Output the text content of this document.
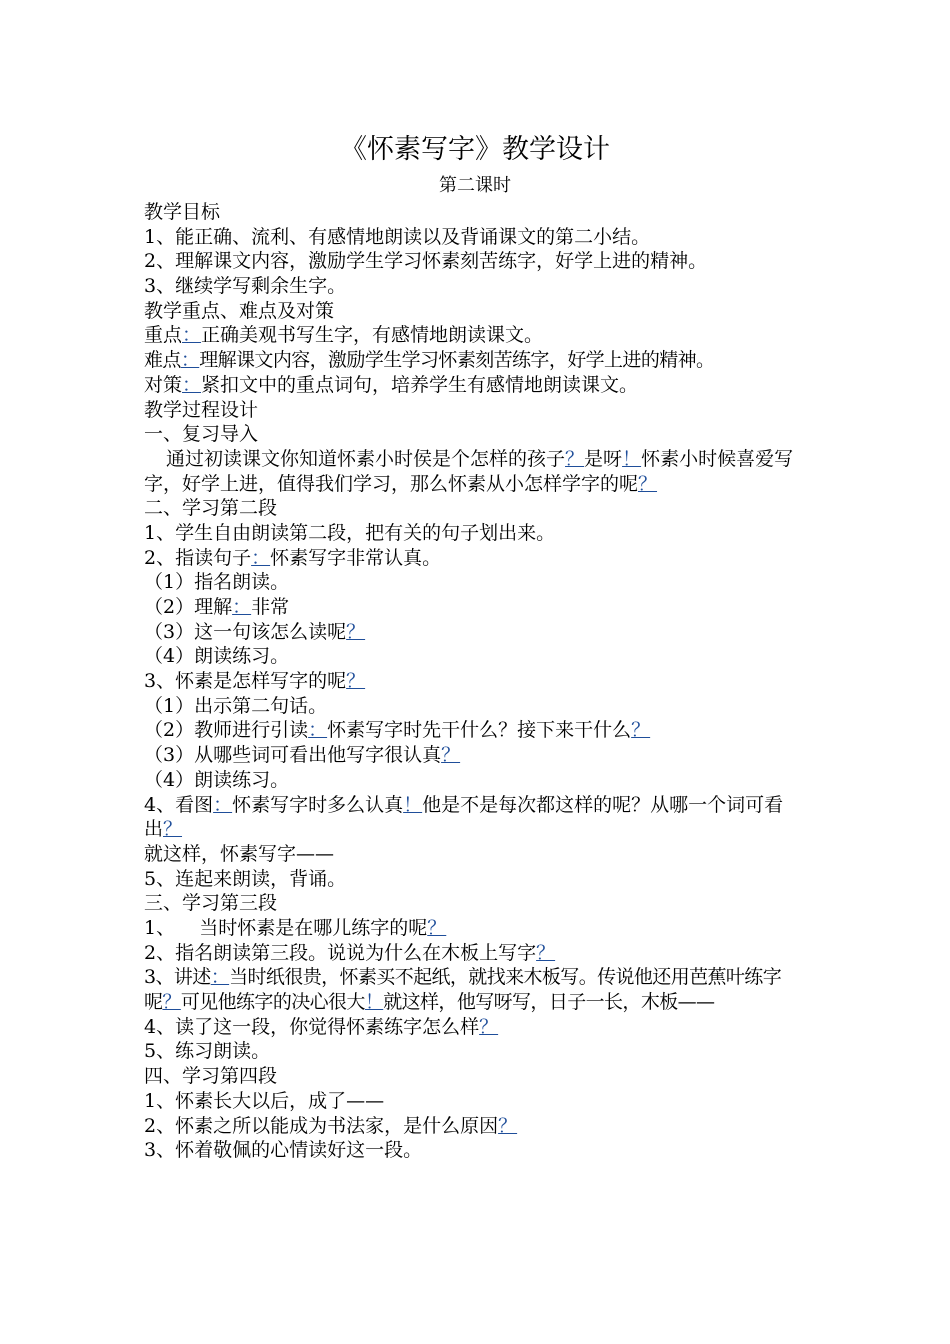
《怀素写字》教学设计
第二课时
教学目标
1、能正确、流利、有感情地朗读以及背诵课文的第二小结。
2、理解课文内容，激励学生学习怀素刻苦练字，好学上进的精神。
3、继续学写剩余生字。
教学重点、难点及对策
重点：正确美观书写生字，有感情地朗读课文。
难点：理解课文内容，激励学生学习怀素刻苦练字，好学上进的精神。
对策：紧扣文中的重点词句，培养学生有感情地朗读课文。
教学过程设计
一、复习导入
通过初读课文你知道怀素小时侯是个怎样的孩子？是呀！怀素小时候喜爱写字，好学上进，值得我们学习，那么怀素从小怎样学字的呢？
二、学习第二段
1、学生自由朗读第二段，把有关的句子划出来。
2、指读句子：怀素写字非常认真。
（1）指名朗读。
（2）理解：非常
（3）这一句该怎么读呢？
（4）朗读练习。
3、怀素是怎样写字的呢？
（1）出示第二句话。
（2）教师进行引读：怀素写字时先干什么？接下来干什么？
（3）从哪些词可看出他写字很认真？
（4）朗读练习。
4、看图：怀素写字时多么认真！他是不是每次都这样的呢？从哪一个词可看出？
就这样，怀素写字——
5、连起来朗读，背诵。
三、学习第三段
1、    当时怀素是在哪儿练字的呢？
2、指名朗读第三段。说说为什么在木板上写字？
3、讲述：当时纸很贵，怀素买不起纸，就找来木板写。传说他还用芭蕉叶练字呢？可见他练字的决心很大！就这样，他写呀写，日子一长，木板——
4、读了这一段，你觉得怀素练字怎么样？
5、练习朗读。
四、学习第四段
1、怀素长大以后，成了——
2、怀素之所以能成为书法家，是什么原因？
3、怀着敬佩的心情读好这一段。
